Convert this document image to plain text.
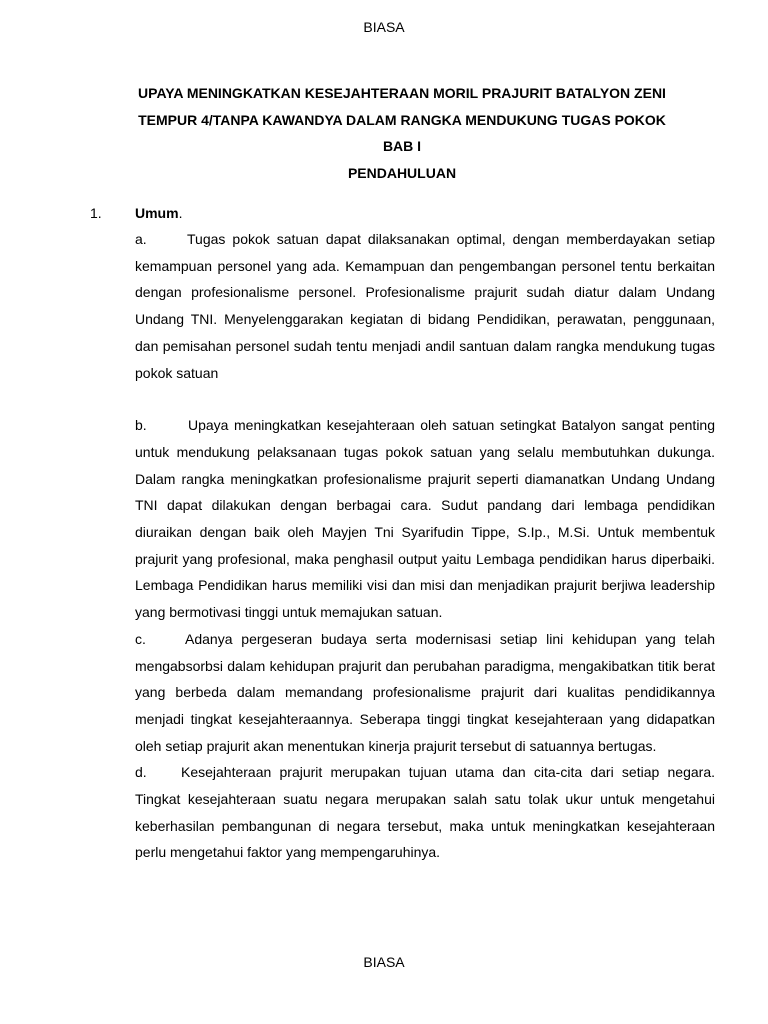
BIASA
UPAYA MENINGKATKAN KESEJAHTERAAN MORIL PRAJURIT BATALYON ZENI
TEMPUR 4/TANPA KAWANDYA DALAM RANGKA MENDUKUNG TUGAS POKOK
BAB I
PENDAHULUAN
1. Umum.
a.	Tugas pokok satuan dapat dilaksanakan optimal, dengan memberdayakan setiap kemampuan personel yang ada. Kemampuan dan pengembangan personel tentu berkaitan dengan profesionalisme personel. Profesionalisme prajurit sudah diatur dalam Undang Undang TNI. Menyelenggarakan kegiatan di bidang Pendidikan, perawatan, penggunaan, dan pemisahan personel sudah tentu menjadi andil santuan dalam rangka mendukung tugas pokok satuan
b.	Upaya meningkatkan kesejahteraan oleh satuan setingkat Batalyon sangat penting untuk mendukung pelaksanaan tugas pokok satuan yang selalu membutuhkan dukunga. Dalam rangka meningkatkan profesionalisme prajurit seperti diamanatkan Undang Undang TNI dapat dilakukan dengan berbagai cara. Sudut pandang dari lembaga pendidikan diuraikan dengan baik oleh Mayjen Tni Syarifudin Tippe, S.Ip., M.Si. Untuk membentuk prajurit yang profesional, maka penghasil output yaitu Lembaga pendidikan harus diperbaiki. Lembaga Pendidikan harus memiliki visi dan misi dan menjadikan prajurit berjiwa leadership yang bermotivasi tinggi untuk memajukan satuan.
c.	Adanya pergeseran budaya serta modernisasi setiap lini kehidupan yang telah mengabsorbsi dalam kehidupan prajurit dan perubahan paradigma, mengakibatkan titik berat yang berbeda dalam memandang profesionalisme prajurit dari kualitas pendidikannya menjadi tingkat kesejahteraannya. Seberapa tinggi tingkat kesejahteraan yang didapatkan oleh setiap prajurit akan menentukan kinerja prajurit tersebut di satuannya bertugas.
d. Kesejahteraan prajurit merupakan tujuan utama dan cita-cita dari setiap negara. Tingkat kesejahteraan suatu negara merupakan salah satu tolak ukur untuk mengetahui keberhasilan pembangunan di negara tersebut, maka untuk meningkatkan kesejahteraan perlu mengetahui faktor yang mempengaruhinya.
BIASA
